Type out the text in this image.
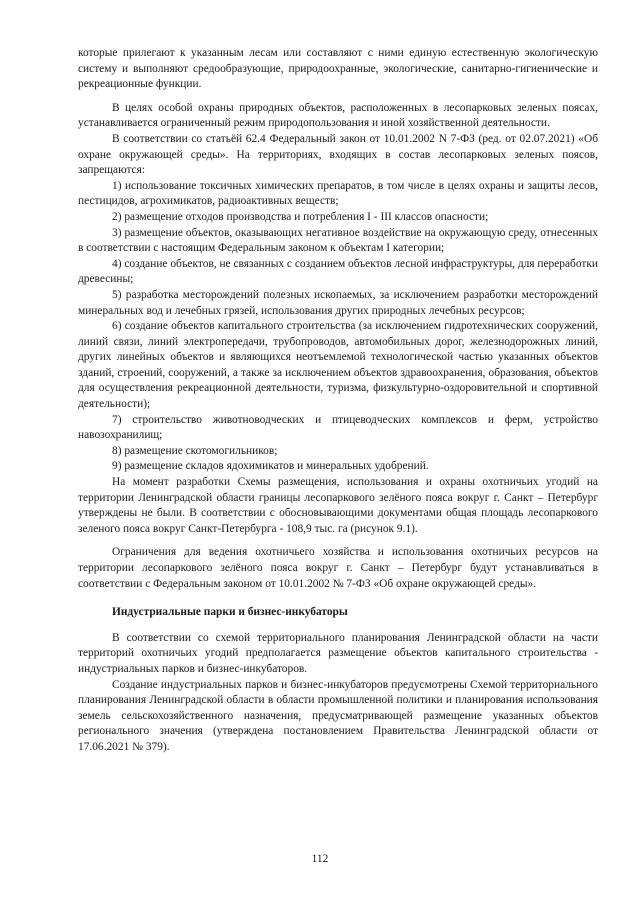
которые прилегают к указанным лесам или составляют с ними единую естественную экологическую систему и выполняют средообразующие, природоохранные, экологические, санитарно-гигиенические и рекреационные функции.

В целях особой охраны природных объектов, расположенных в лесопарковых зеленых поясах, устанавливается ограниченный режим природопользования и иной хозяйственной деятельности.

В соответствии со статьёй 62.4 Федеральный закон от 10.01.2002 N 7-ФЗ (ред. от 02.07.2021) «Об охране окружающей среды». На территориях, входящих в состав лесопарковых зеленых поясов, запрещаются:

1) использование токсичных химических препаратов, в том числе в целях охраны и защиты лесов, пестицидов, агрохимикатов, радиоактивных веществ;

2) размещение отходов производства и потребления I - III классов опасности;

3) размещение объектов, оказывающих негативное воздействие на окружающую среду, отнесенных в соответствии с настоящим Федеральным законом к объектам I категории;

4) создание объектов, не связанных с созданием объектов лесной инфраструктуры, для переработки древесины;

5) разработка месторождений полезных ископаемых, за исключением разработки месторождений минеральных вод и лечебных грязей, использования других природных лечебных ресурсов;

6) создание объектов капитального строительства (за исключением гидротехнических сооружений, линий связи, линий электропередачи, трубопроводов, автомобильных дорог, железнодорожных линий, других линейных объектов и являющихся неотъемлемой технологической частью указанных объектов зданий, строений, сооружений, а также за исключением объектов здравоохранения, образования, объектов для осуществления рекреационной деятельности, туризма, физкультурно-оздоровительной и спортивной деятельности);

7) строительство животноводческих и птицеводческих комплексов и ферм, устройство навозохранилищ;

8) размещение скотомогильников;

9) размещение складов ядохимикатов и минеральных удобрений.

На момент разработки Схемы размещения, использования и охраны охотничьих угодий на территории Ленинградской области границы лесопаркового зелёного пояса вокруг г. Санкт – Петербург утверждены не были. В соответствии с обосновывающими документами общая площадь лесопаркового зеленого пояса вокруг Санкт-Петербурга - 108,9 тыс. га (рисунок 9.1).

Ограничения для ведения охотничьего хозяйства и использования охотничьих ресурсов на территории лесопаркового зелёного пояса вокруг г. Санкт – Петербург будут устанавливаться в соответствии с Федеральным законом от 10.01.2002 № 7-ФЗ «Об охране окружающей среды».

Индустриальные парки и бизнес-инкубаторы

В соответствии со схемой территориального планирования Ленинградской области на части территорий охотничьих угодий предполагается размещение объектов капитального строительства - индустриальных парков и бизнес-инкубаторов.

Создание индустриальных парков и бизнес-инкубаторов предусмотрены Схемой территориального планирования Ленинградской области в области промышленной политики и планирования использования земель сельскохозяйственного назначения, предусматривающей размещение указанных объектов регионального значения (утверждена постановлением Правительства Ленинградской области от 17.06.2021 № 379).

112
